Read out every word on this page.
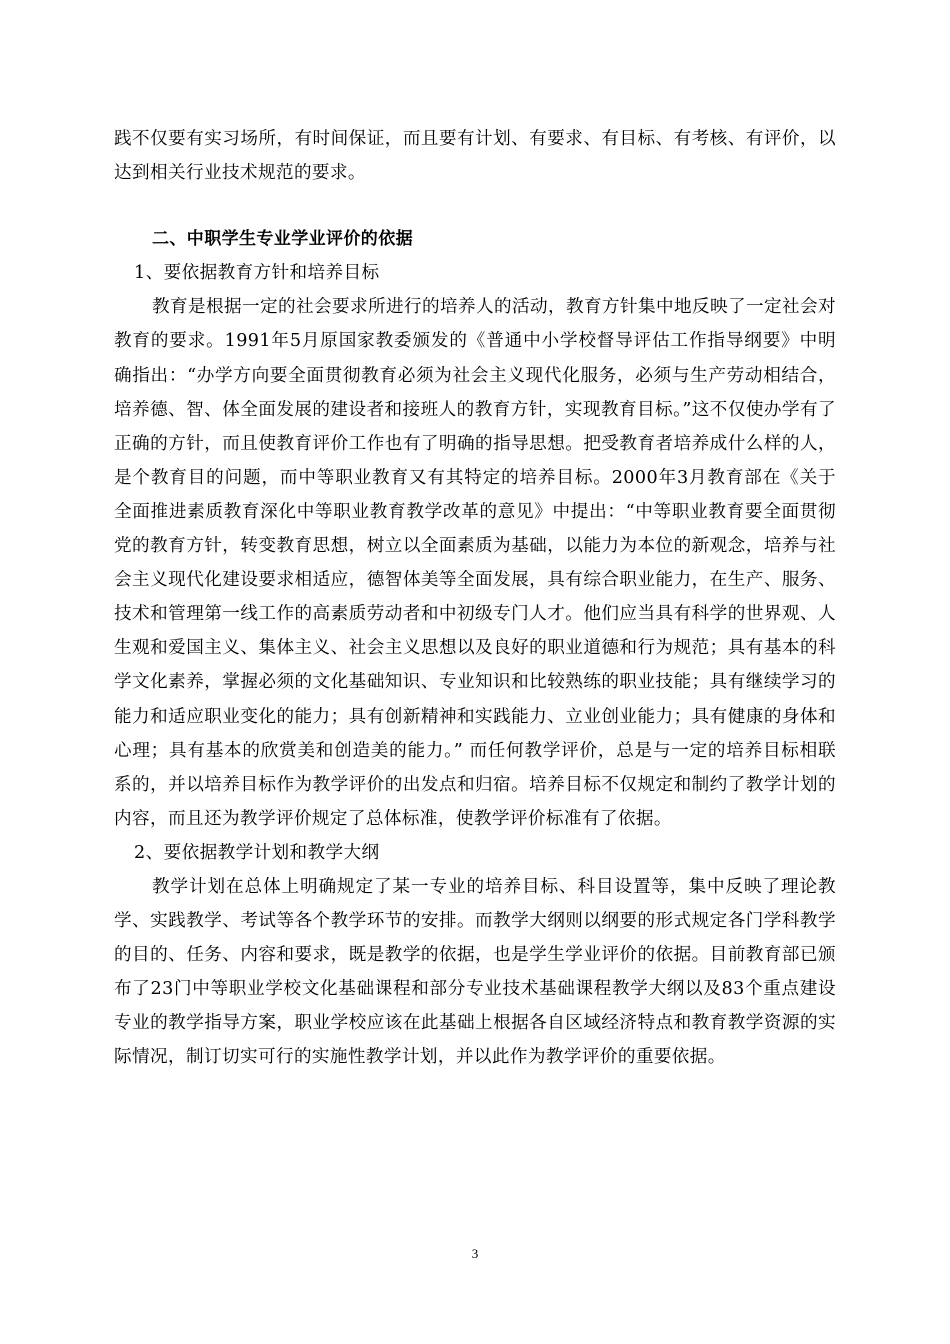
践不仅要有实习场所，有时间保证，而且要有计划、有要求、有目标、有考核、有评价，以达到相关行业技术规范的要求。

二、中职学生专业学业评价的依据

1、要依据教育方针和培养目标

教育是根据一定的社会要求所进行的培养人的活动，教育方针集中地反映了一定社会对教育的要求。1991年5月原国家教委颁发的《普通中小学校督导评估工作指导纲要》中明确指出：“办学方向要全面贯彻教育必须为社会主义现代化服务，必须与生产劳动相结合，培养德、智、体全面发展的建设者和接班人的教育方针，实现教育目标。”这不仅使办学有了正确的方针，而且使教育评价工作也有了明确的指导思想。把受教育者培养成什么样的人，是个教育目的问题，而中等职业教育又有其特定的培养目标。2000年3月教育部在《关于全面推进素质教育深化中等职业教育教学改革的意见》中提出：“中等职业教育要全面贯彻党的教育方针，转变教育思想，树立以全面素质为基础，以能力为本位的新观念，培养与社会主义现代化建设要求相适应，德智体美等全面发展，具有综合职业能力，在生产、服务、技术和管理第一线工作的高素质劳动者和中初级专门人才。他们应当具有科学的世界观、人生观和爱国主义、集体主义、社会主义思想以及良好的职业道德和行为规范；具有基本的科学文化素养，掌握必须的文化基础知识、专业知识和比较熟练的职业技能；具有继续学习的能力和适应职业变化的能力；具有创新精神和实践能力、立业创业能力；具有健康的身体和心理；具有基本的欣赏美和创造美的能力。” 而任何教学评价，总是与一定的培养目标相联系的，并以培养目标作为教学评价的出发点和归宿。培养目标不仅规定和制约了教学计划的内容，而且还为教学评价规定了总体标准，使教学评价标准有了依据。

2、要依据教学计划和教学大纲

教学计划在总体上明确规定了某一专业的培养目标、科目设置等，集中反映了理论教学、实践教学、考试等各个教学环节的安排。而教学大纲则以纲要的形式规定各门学科教学的目的、任务、内容和要求，既是教学的依据，也是学生学业评价的依据。目前教育部已颁布了23门中等职业学校文化基础课程和部分专业技术基础课程教学大纲以及83个重点建设专业的教学指导方案，职业学校应该在此基础上根据各自区域经济特点和教育教学资源的实际情况，制订切实可行的实施性教学计划，并以此作为教学评价的重要依据。

3
